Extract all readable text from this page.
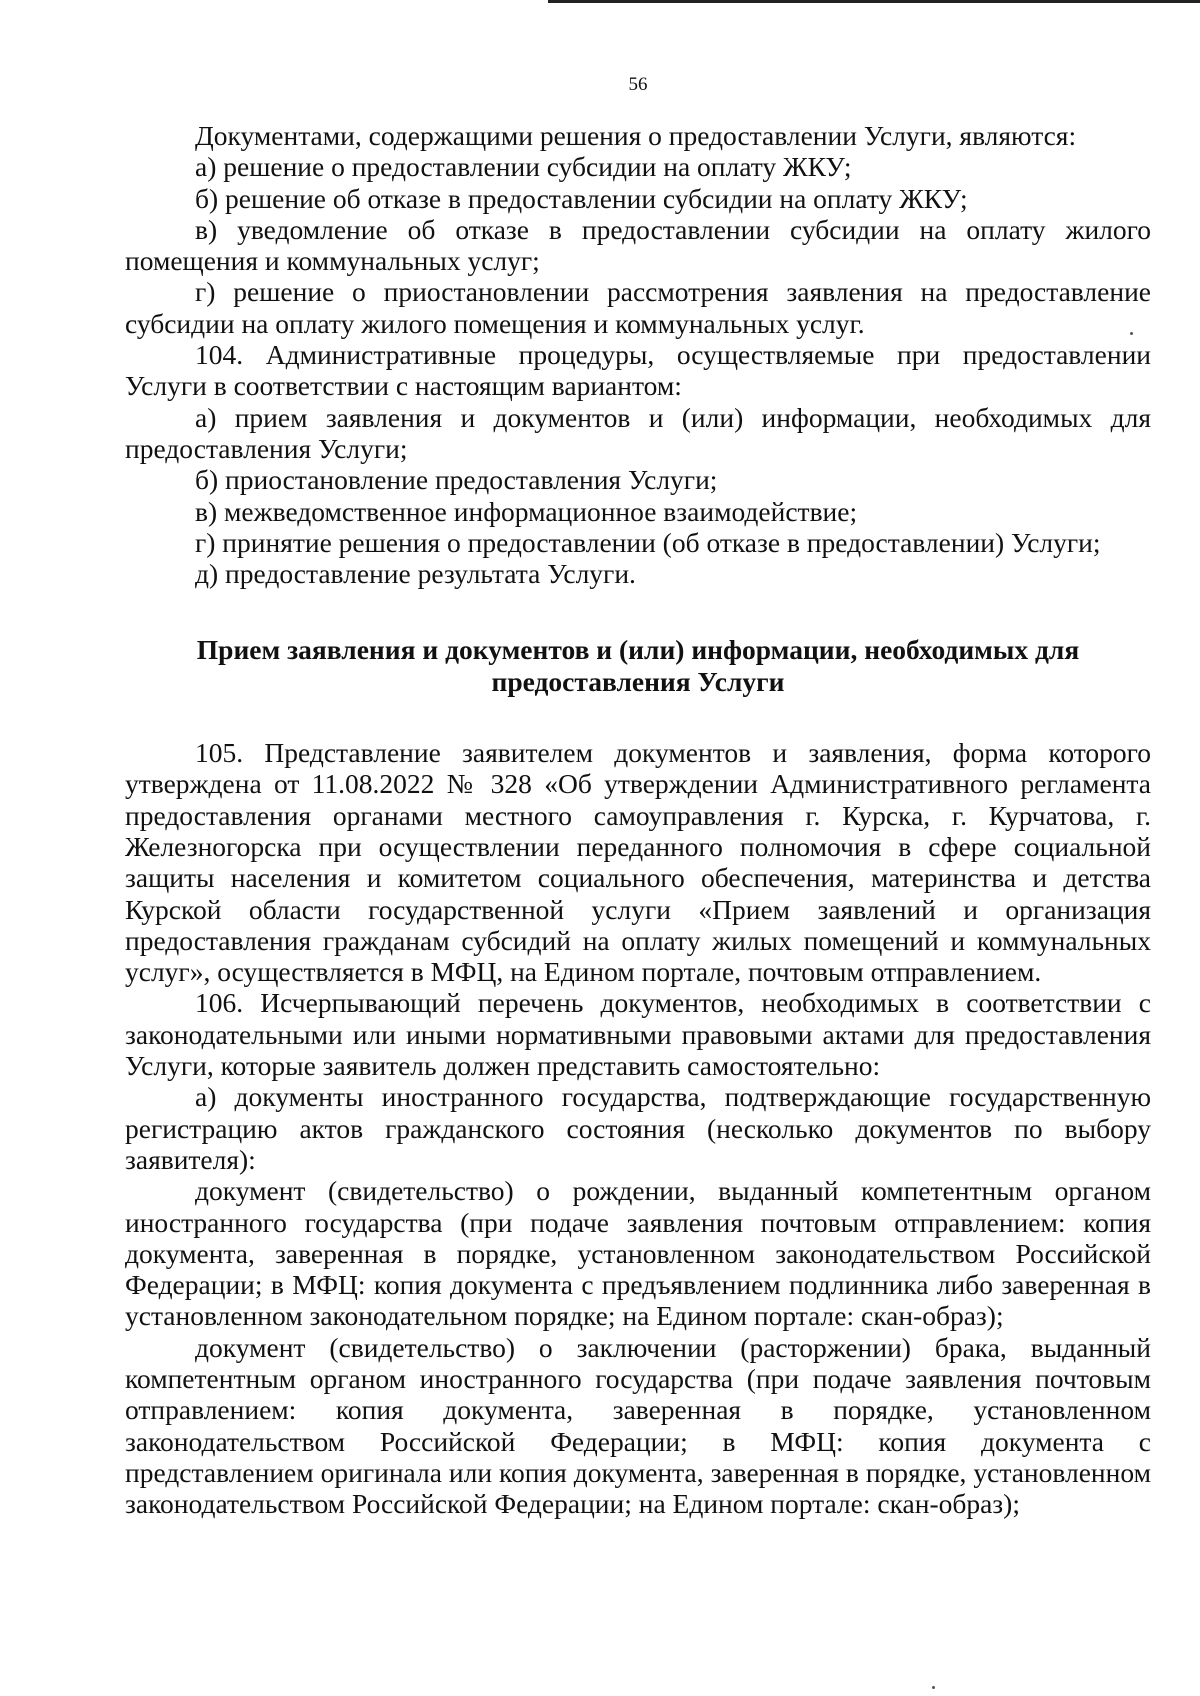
56

Документами, содержащими решения о предоставлении Услуги, являются:

а) решение о предоставлении субсидии на оплату ЖКУ;

б) решение об отказе в предоставлении субсидии на оплату ЖКУ;

в) уведомление об отказе в предоставлении субсидии на оплату жилого помещения и коммунальных услуг;

г) решение о приостановлении рассмотрения заявления на предоставление субсидии на оплату жилого помещения и коммунальных услуг.

104. Административные процедуры, осуществляемые при предоставлении Услуги в соответствии с настоящим вариантом:

а) прием заявления и документов и (или) информации, необходимых для предоставления Услуги;

б) приостановление предоставления Услуги;

в) межведомственное информационное взаимодействие;

г) принятие решения о предоставлении (об отказе в предоставлении) Услуги;

д) предоставление результата Услуги.

Прием заявления и документов и (или) информации, необходимых для
предоставления Услуги

105. Представление заявителем документов и заявления, форма которого утверждена от 11.08.2022 № 328 «Об утверждении Административного регламента предоставления органами местного самоуправления г. Курска, г. Курчатова, г. Железногорска при осуществлении переданного полномочия в сфере социальной защиты населения и комитетом социального обеспечения, материнства и детства Курской области государственной услуги «Прием заявлений и организация предоставления гражданам субсидий на оплату жилых помещений и коммунальных услуг», осуществляется в МФЦ, на Едином портале, почтовым отправлением.

106. Исчерпывающий перечень документов, необходимых в соответствии с законодательными или иными нормативными правовыми актами для предоставления Услуги, которые заявитель должен представить самостоятельно:

а) документы иностранного государства, подтверждающие государственную регистрацию актов гражданского состояния (несколько документов по выбору заявителя):

документ (свидетельство) о рождении, выданный компетентным органом иностранного государства (при подаче заявления почтовым отправлением: копия документа, заверенная в порядке, установленном законодательством Российской Федерации; в МФЦ: копия документа с предъявлением подлинника либо заверенная в установленном законодательном порядке; на Едином портале: скан-образ);

документ (свидетельство) о заключении (расторжении) брака, выданный компетентным органом иностранного государства (при подаче заявления почтовым отправлением: копия документа, заверенная в порядке, установленном законодательством Российской Федерации; в МФЦ: копия документа с представлением оригинала или копия документа, заверенная в порядке, установленном законодательством Российской Федерации; на Едином портале: скан-образ);
